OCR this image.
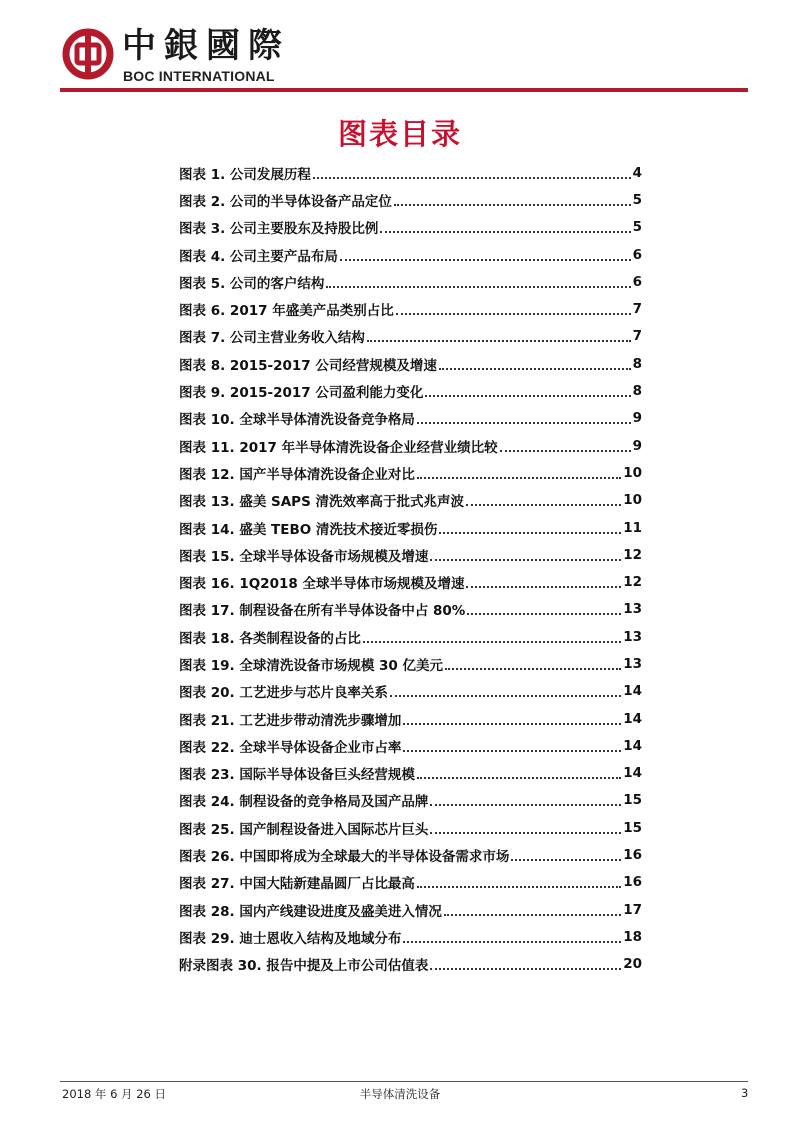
中銀國際
BOC INTERNATIONAL
图表目录
图表 1. 公司发展历程	4
图表 2. 公司的半导体设备产品定位	5
图表 3. 公司主要股东及持股比例	5
图表 4. 公司主要产品布局	6
图表 5. 公司的客户结构	6
图表 6. 2017 年盛美产品类别占比	7
图表 7. 公司主营业务收入结构	7
图表 8. 2015-2017 公司经营规模及增速	8
图表 9. 2015-2017 公司盈利能力变化	8
图表 10. 全球半导体清洗设备竞争格局	9
图表 11. 2017 年半导体清洗设备企业经营业绩比较	9
图表 12. 国产半导体清洗设备企业对比	10
图表 13. 盛美 SAPS 清洗效率高于批式兆声波	10
图表 14. 盛美 TEBO 清洗技术接近零损伤	11
图表 15. 全球半导体设备市场规模及增速	12
图表 16. 1Q2018 全球半导体市场规模及增速	12
图表 17. 制程设备在所有半导体设备中占 80%	13
图表 18. 各类制程设备的占比	13
图表 19. 全球清洗设备市场规模 30 亿美元	13
图表 20. 工艺进步与芯片良率关系	14
图表 21. 工艺进步带动清洗步骤增加	14
图表 22. 全球半导体设备企业市占率	14
图表 23. 国际半导体设备巨头经营规模	14
图表 24. 制程设备的竞争格局及国产品牌	15
图表 25. 国产制程设备进入国际芯片巨头	15
图表 26. 中国即将成为全球最大的半导体设备需求市场	16
图表 27. 中国大陆新建晶圆厂占比最高	16
图表 28. 国内产线建设进度及盛美进入情况	17
图表 29. 迪士恩收入结构及地域分布	18
附录图表 30. 报告中提及上市公司估值表	20
2018 年 6 月 26 日	半导体清洗设备	3
